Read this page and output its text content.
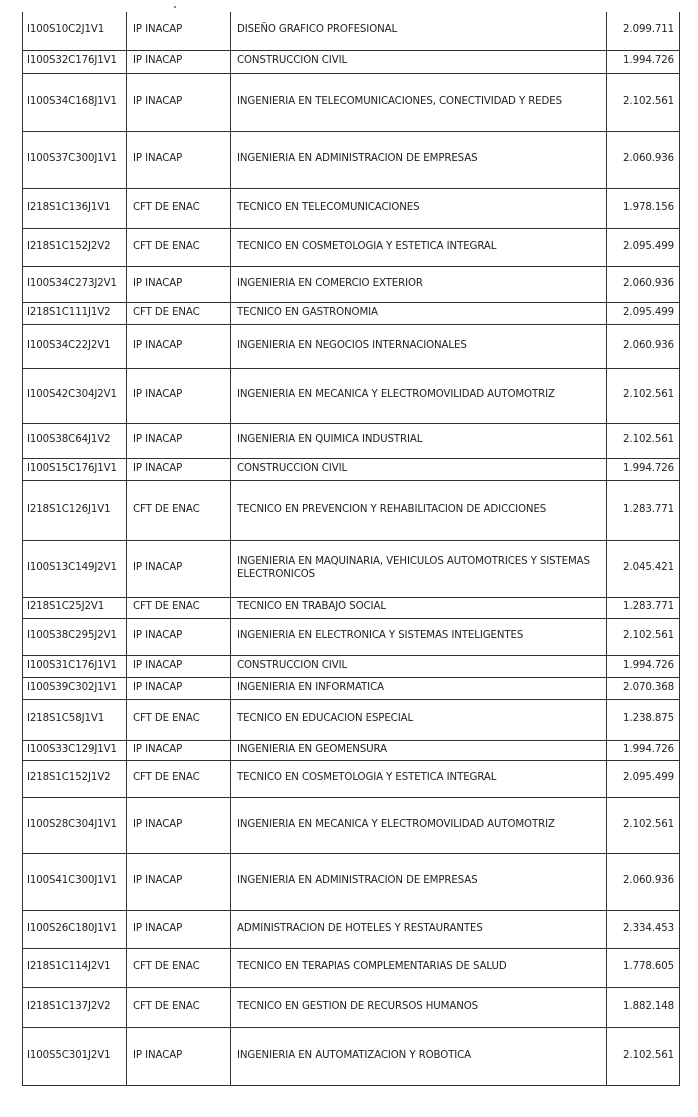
I100S10C2J1V1	IP INACAP	DISEÑO GRAFICO PROFESIONAL	2.099.711
I100S32C176J1V1	IP INACAP	CONSTRUCCION CIVIL	1.994.726
I100S34C168J1V1	IP INACAP	INGENIERIA EN TELECOMUNICACIONES, CONECTIVIDAD Y REDES	2.102.561
I100S37C300J1V1	IP INACAP	INGENIERIA EN ADMINISTRACION DE EMPRESAS	2.060.936
I218S1C136J1V1	CFT DE ENAC	TECNICO EN TELECOMUNICACIONES	1.978.156
I218S1C152J2V2	CFT DE ENAC	TECNICO EN COSMETOLOGIA Y ESTETICA INTEGRAL	2.095.499
I100S34C273J2V1	IP INACAP	INGENIERIA EN COMERCIO EXTERIOR	2.060.936
I218S1C111J1V2	CFT DE ENAC	TECNICO EN GASTRONOMIA	2.095.499
I100S34C22J2V1	IP INACAP	INGENIERIA EN NEGOCIOS INTERNACIONALES	2.060.936
I100S42C304J2V1	IP INACAP	INGENIERIA EN MECANICA Y ELECTROMOVILIDAD AUTOMOTRIZ	2.102.561
I100S38C64J1V2	IP INACAP	INGENIERIA EN QUIMICA INDUSTRIAL	2.102.561
I100S15C176J1V1	IP INACAP	CONSTRUCCION CIVIL	1.994.726
I218S1C126J1V1	CFT DE ENAC	TECNICO EN PREVENCION Y REHABILITACION DE ADICCIONES	1.283.771
I100S13C149J2V1	IP INACAP	INGENIERIA EN MAQUINARIA, VEHICULOS AUTOMOTRICES Y SISTEMAS ELECTRONICOS	2.045.421
I218S1C25J2V1	CFT DE ENAC	TECNICO EN TRABAJO SOCIAL	1.283.771
I100S38C295J2V1	IP INACAP	INGENIERIA EN ELECTRONICA Y SISTEMAS INTELIGENTES	2.102.561
I100S31C176J1V1	IP INACAP	CONSTRUCCION CIVIL	1.994.726
I100S39C302J1V1	IP INACAP	INGENIERIA EN INFORMATICA	2.070.368
I218S1C58J1V1	CFT DE ENAC	TECNICO EN EDUCACION ESPECIAL	1.238.875
I100S33C129J1V1	IP INACAP	INGENIERIA EN GEOMENSURA	1.994.726
I218S1C152J1V2	CFT DE ENAC	TECNICO EN COSMETOLOGIA Y ESTETICA INTEGRAL	2.095.499
I100S28C304J1V1	IP INACAP	INGENIERIA EN MECANICA Y ELECTROMOVILIDAD AUTOMOTRIZ	2.102.561
I100S41C300J1V1	IP INACAP	INGENIERIA EN ADMINISTRACION DE EMPRESAS	2.060.936
I100S26C180J1V1	IP INACAP	ADMINISTRACION DE HOTELES Y RESTAURANTES	2.334.453
I218S1C114J2V1	CFT DE ENAC	TECNICO EN TERAPIAS COMPLEMENTARIAS DE SALUD	1.778.605
I218S1C137J2V2	CFT DE ENAC	TECNICO EN GESTION DE RECURSOS HUMANOS	1.882.148
I100S5C301J2V1	IP INACAP	INGENIERIA EN AUTOMATIZACION Y ROBOTICA	2.102.561
